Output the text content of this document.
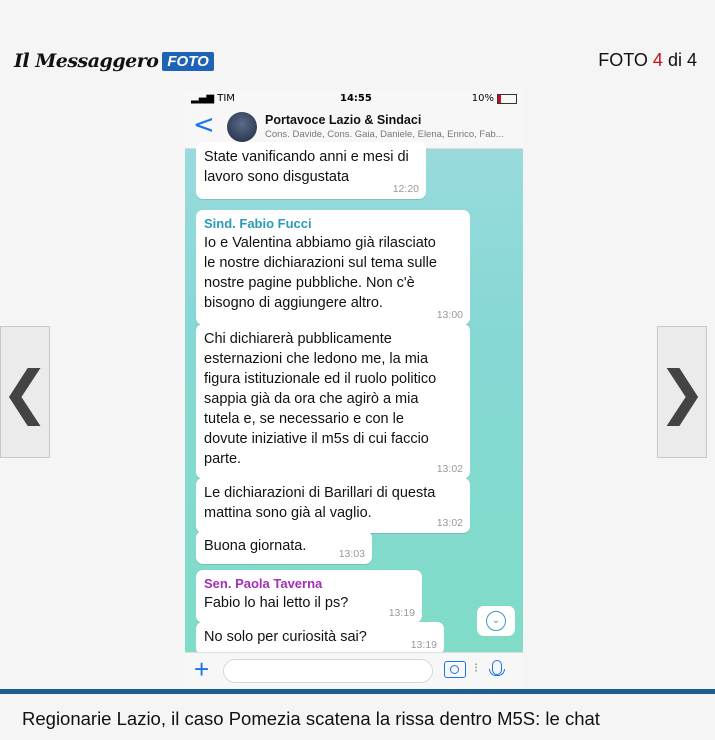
Il Messaggero FOTO	FOTO 4 di 4
❮	❯
▂▄▆ TIM	14:55	10%
<	Portavoce Lazio & Sindaci
Cons. Davide, Cons. Gaia, Daniele, Elena, Enrico, Fab...
State vanificando anni e mesi di
lavoro sono disgustata
12:20
Sind. Fabio Fucci
Io e Valentina abbiamo già rilasciato
le nostre dichiarazioni sul tema sulle
nostre pagine pubbliche. Non c'è
bisogno di aggiungere altro.
13:00
Chi dichiarerà pubblicamente
esternazioni che ledono me, la mia
figura istituzionale ed il ruolo politico
sappia già da ora che agirò a mia
tutela e, se necessario e con le
dovute iniziative il m5s di cui faccio
parte.
13:02
Le dichiarazioni di Barillari di questa
mattina sono già al vaglio.
13:02
Buona giornata.	13:03
Sen. Paola Taverna
Fabio lo hai letto il ps?
13:19
No solo per curiosità sai?	13:19
⌄
+	⁝
Regionarie Lazio, il caso Pomezia scatena la rissa dentro M5S: le chat
